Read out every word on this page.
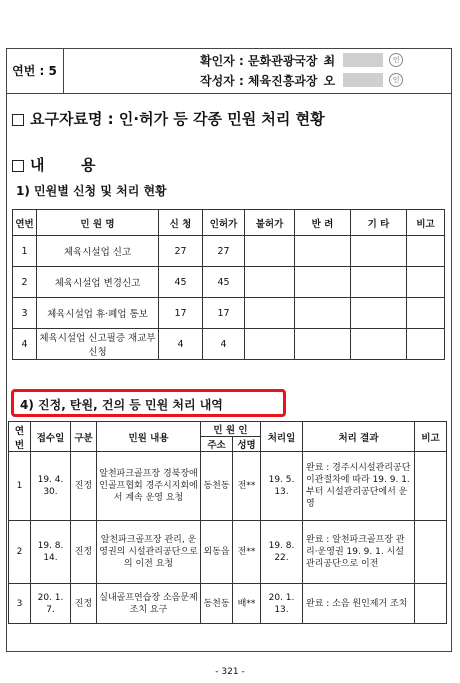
연번 : 5
확인자 : 문화관광국장 최	인
작성자 : 체육진흥과장 오	인
요구자료명 : 인·허가 등 각종 민원 처리 현황
내       용
1) 민원별 신청 및 처리 현황
연번	민 원 명	신 청	인허가	불허가	반 려	기 타	비고
1	체육시설업 신고	27	27				
2	체육시설업 변경신고	45	45				
3	체육시설업 휴·폐업 통보	17	17				
4	체육시설업 신고필증 재교부신청	4	4				
4) 진정, 탄원, 건의 등 민원 처리 내역
연번	접수일	구분	민원 내용	민 원 인		처리일	처리 결과	비고
				주소	성명			
1	19. 4. 30.	진정	알천파크골프장 경북장애인골프협회 경주시지회에서 계속 운영 요청	동천동	전**	19. 5. 13.	완료 : 경주시시설관리공단 이관절차에 따라 19. 9. 1.부터 시설관리공단에서 운영	
2	19. 8. 14.	진정	알천파크골프장 관리, 운영권의 시설관리공단으로의 이전 요청	외동읍	전**	19. 8. 22.	완료 : 알천파크골프장 관리·운영권 19. 9. 1. 시설관리공단으로 이전	
3	20. 1. 7.	진정	실내골프연습장 소음문제 조치 요구	동천동	배**	20. 1. 13.	완료 : 소음 원인제거 조치	
- 321 -
